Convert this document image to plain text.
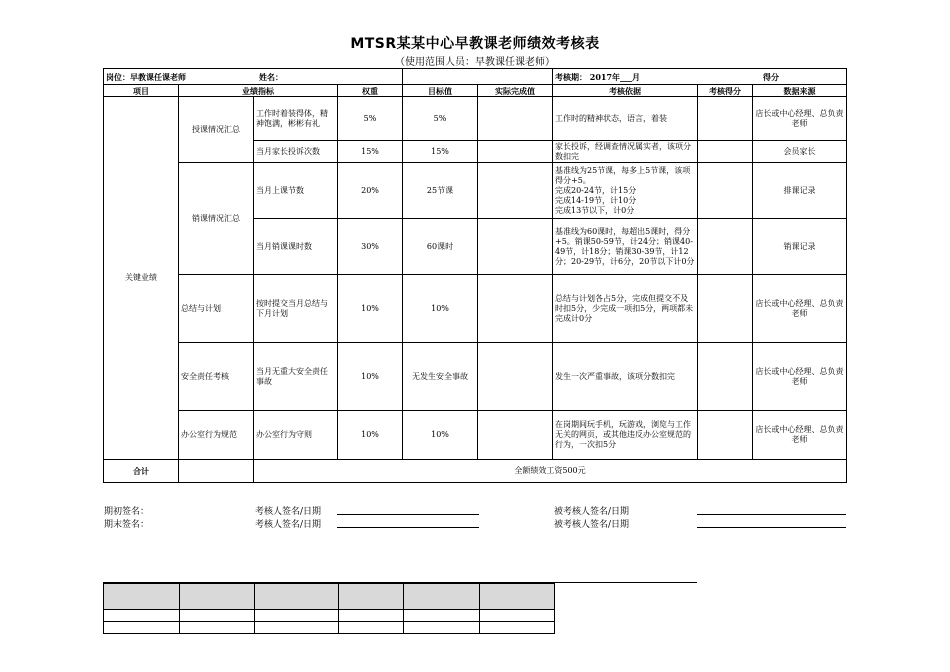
MTSR某某中心早教课老师绩效考核表
（使用范围人员：早教课任课老师）
岗位：早教课任课老师 姓名：						考核期： 2017年___月 得分		

项目	业绩指标		权重	目标值	实际完成值	考核依据	考核得分	数据来源
关键业绩	授课情况汇总	工作时着装得体，精神饱满，彬彬有礼	5%	5%		工作时的精神状态，语言，着装		店长或中心经理、总负责老师
		当月家长投诉次数	15%	15%		家长投诉，经调查情况属实者，该项分数扣完		会员家长
	销课情况汇总	当月上课节数	20%	25节课		基准线为25节课，每多上5节课，该项得分+5。
完成20-24节，计15分
完成14-19节，计10分
完成13节以下，计0分		排课记录
		当月销课课时数	30%	60课时		基准线为60课时，每超出5课时，得分+5。销课50-59节，计24分；销课40-49节，计18分；销课30-39节，计12分；20-29节，计6分，20节以下计0分		销课记录
	总结与计划	按时提交当月总结与下月计划	10%	10%		总结与计划各占5分，完成但提交不及时扣5分，少完成一项扣5分，两项都未完成计0分		店长或中心经理、总负责老师
	安全责任考核	当月无重大安全责任事故	10%	无发生安全事故		发生一次严重事故，该项分数扣完		店长或中心经理、总负责老师
	办公室行为规范	办公室行为守则	10%	10%		在岗期间玩手机，玩游戏，浏览与工作无关的网页，或其他违反办公室规范的行为，一次扣5分		店长或中心经理、总负责老师
合计		全额绩效工资500元						
期初签名：
期末签名：
考核人签名/日期
考核人签名/日期
被考核人签名/日期
被考核人签名/日期
